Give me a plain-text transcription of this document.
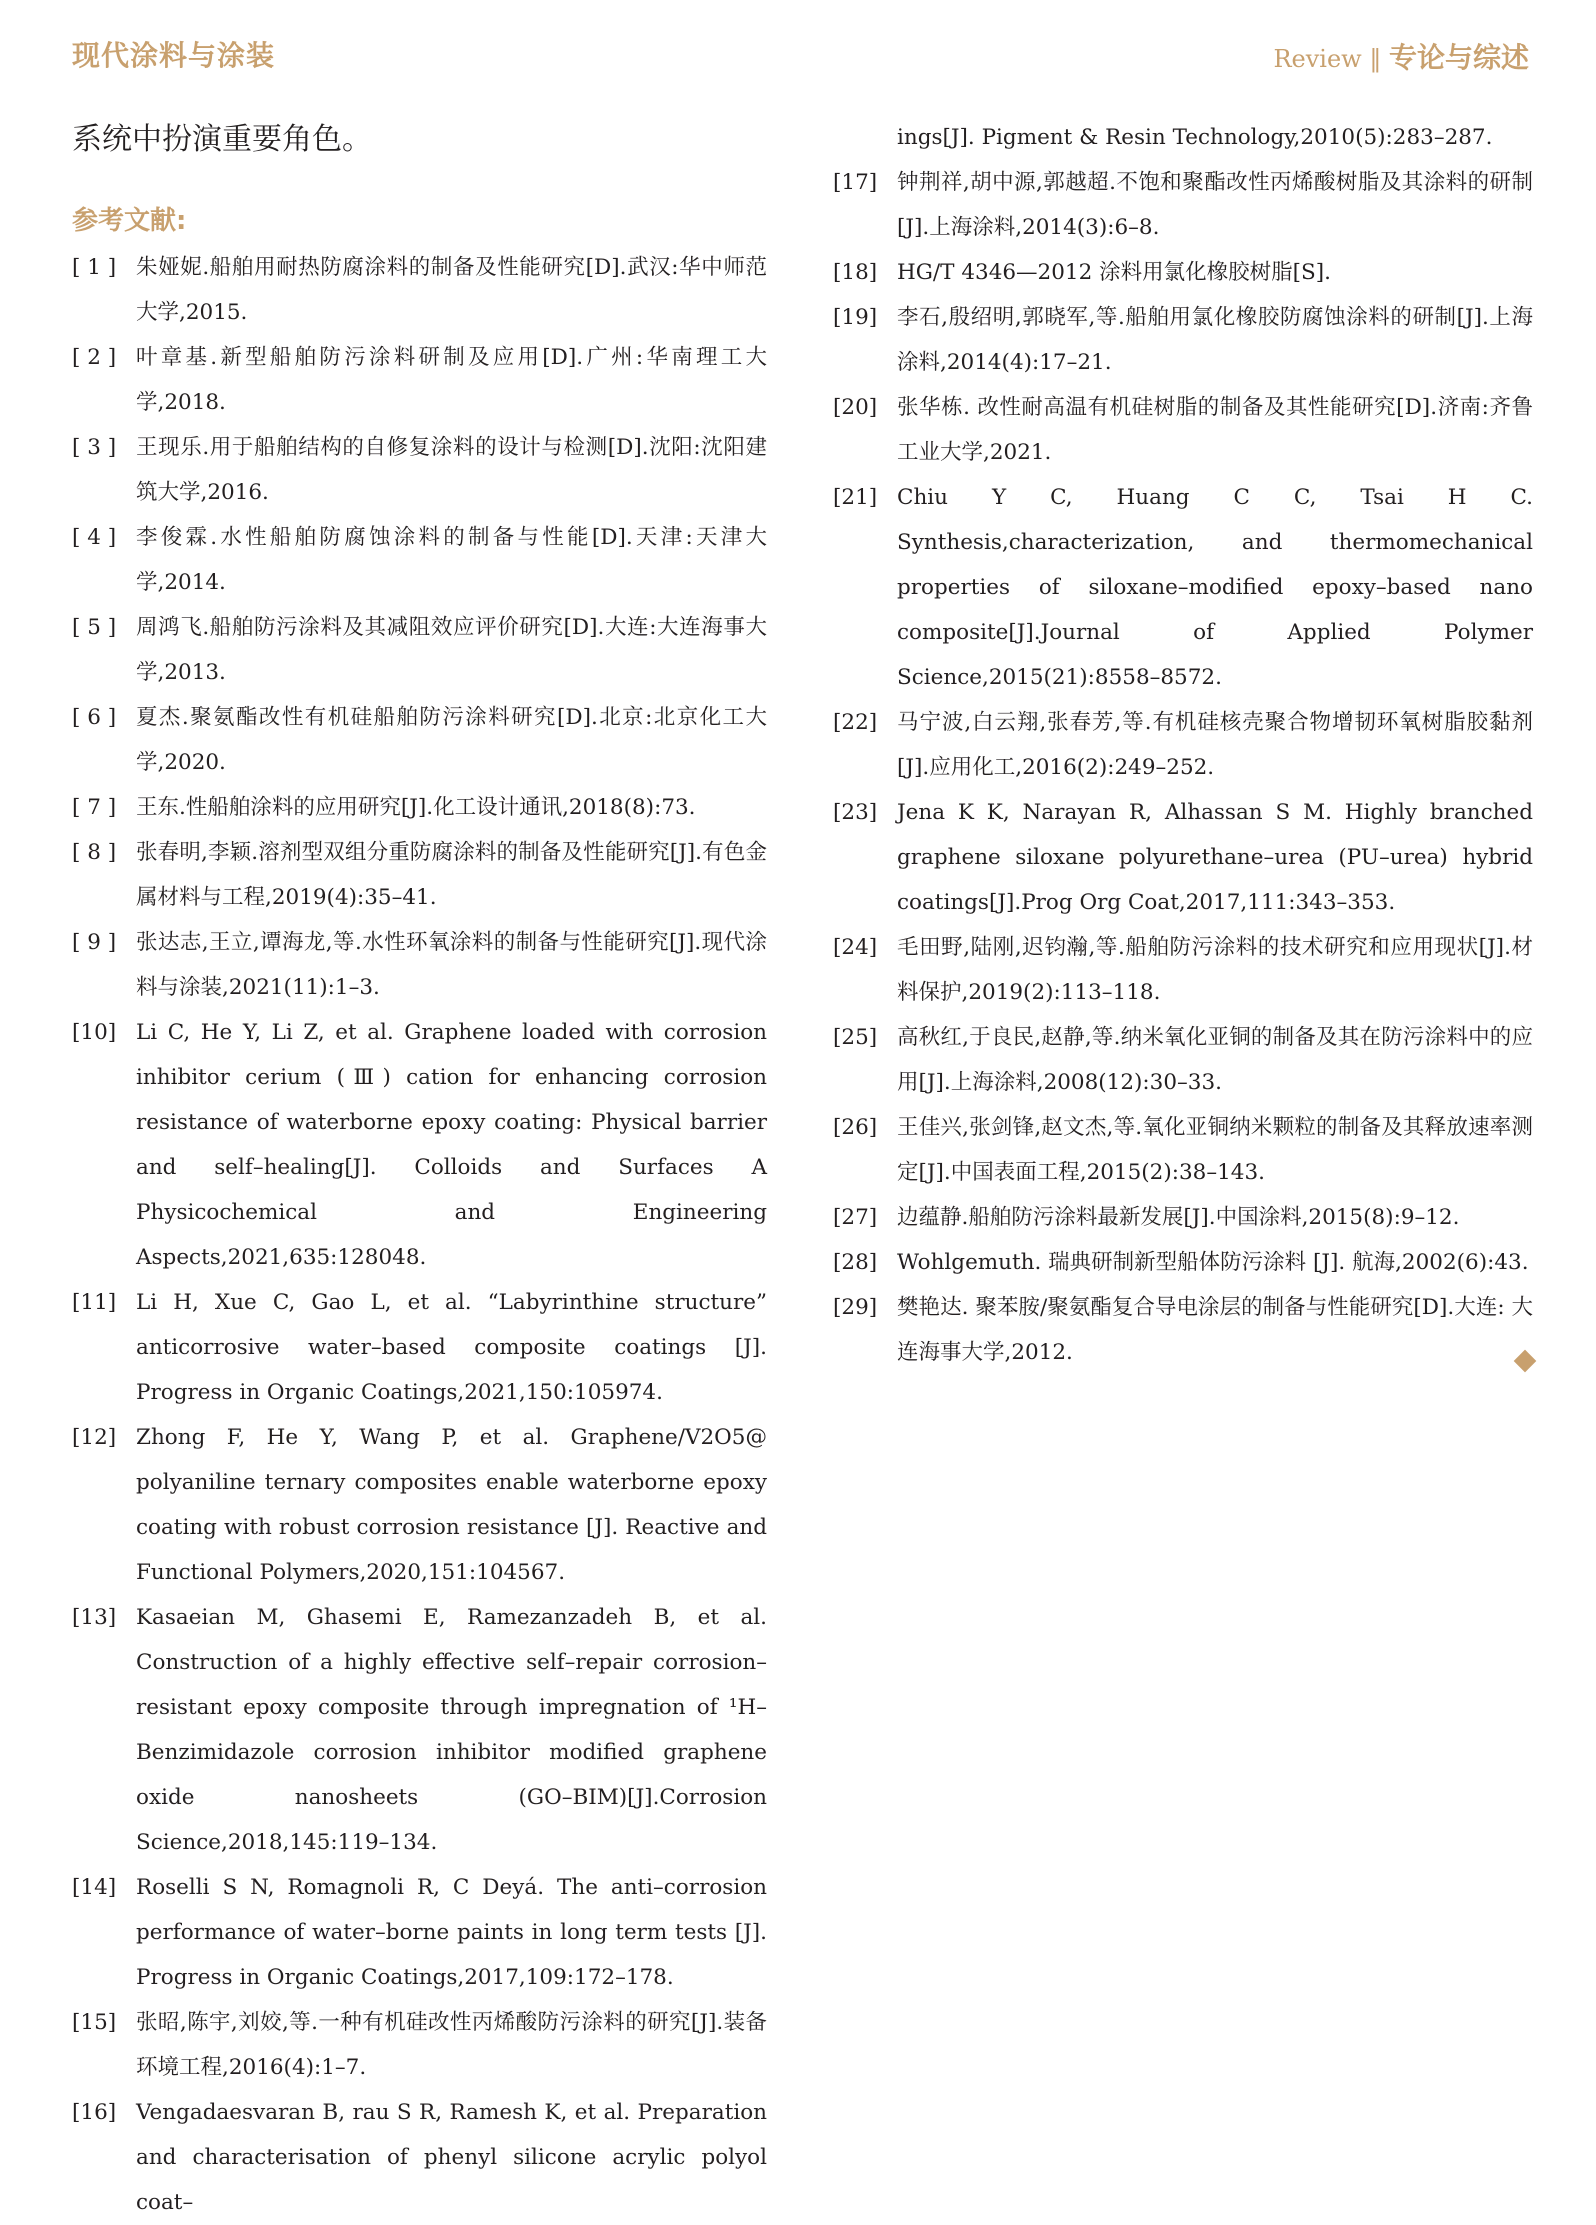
现代涂料与涂装	Review ‖ 专论与综述

系统中扮演重要角色。

参考文献:
[ 1 ] 朱娅妮.船舶用耐热防腐涂料的制备及性能研究[D].武汉:华中师范大学,2015.
[ 2 ] 叶章基.新型船舶防污涂料研制及应用[D].广州:华南理工大学,2018.
[ 3 ] 王现乐.用于船舶结构的自修复涂料的设计与检测[D].沈阳:沈阳建筑大学,2016.
[ 4 ] 李俊霖.水性船舶防腐蚀涂料的制备与性能[D].天津:天津大学,2014.
[ 5 ] 周鸿飞.船舶防污涂料及其减阻效应评价研究[D].大连:大连海事大学,2013.
[ 6 ] 夏杰.聚氨酯改性有机硅船舶防污涂料研究[D].北京:北京化工大学,2020.
[ 7 ] 王东.性船舶涂料的应用研究[J].化工设计通讯,2018(8):73.
[ 8 ] 张春明,李颖.溶剂型双组分重防腐涂料的制备及性能研究[J].有色金属材料与工程,2019(4):35–41.
[ 9 ] 张达志,王立,谭海龙,等.水性环氧涂料的制备与性能研究[J].现代涂料与涂装,2021(11):1–3.
[10] Li C, He Y, Li Z, et al. Graphene loaded with corrosion inhibitor cerium (Ⅲ) cation for enhancing corrosion resistance of waterborne epoxy coating: Physical barrier and self–healing[J]. Colloids and Surfaces A Physicochemical and Engineering Aspects,2021,635:128048.
[11] Li H, Xue C, Gao L, et al. “Labyrinthine structure” anticorrosive water–based composite coatings [J]. Progress in Organic Coatings,2021,150:105974.
[12] Zhong F, He Y, Wang P, et al. Graphene/V2O5@ polyaniline ternary composites enable waterborne epoxy coating with robust corrosion resistance [J]. Reactive and Functional Polymers,2020,151:104567.
[13] Kasaeian M, Ghasemi E, Ramezanzadeh B, et al. Construction of a highly effective self–repair corrosion–resistant epoxy composite through impregnation of ¹H–Benzimidazole corrosion inhibitor modified graphene oxide nanosheets (GO–BIM)[J].Corrosion Science,2018,145:119–134.
[14] Roselli S N, Romagnoli R, C Deyá. The anti–corrosion performance of water–borne paints in long term tests [J]. Progress in Organic Coatings,2017,109:172–178.
[15] 张昭,陈宇,刘姣,等.一种有机硅改性丙烯酸防污涂料的研究[J].装备环境工程,2016(4):1–7.
[16] Vengadaesvaran B, rau S R, Ramesh K, et al. Preparation and characterisation of phenyl silicone acrylic polyol coat–
ings[J]. Pigment & Resin Technology,2010(5):283–287.
[17] 钟荆祥,胡中源,郭越超.不饱和聚酯改性丙烯酸树脂及其涂料的研制[J].上海涂料,2014(3):6–8.
[18] HG/T 4346—2012 涂料用氯化橡胶树脂[S].
[19] 李石,殷绍明,郭晓军,等.船舶用氯化橡胶防腐蚀涂料的研制[J].上海涂料,2014(4):17–21.
[20] 张华栋. 改性耐高温有机硅树脂的制备及其性能研究[D].济南:齐鲁工业大学,2021.
[21] Chiu Y C, Huang C C, Tsai H C. Synthesis,characterization, and thermomechanical properties of siloxane–modified epoxy–based nano composite[J].Journal of Applied Polymer Science,2015(21):8558–8572.
[22] 马宁波,白云翔,张春芳,等.有机硅核壳聚合物增韧环氧树脂胶黏剂[J].应用化工,2016(2):249–252.
[23] Jena K K, Narayan R, Alhassan S M. Highly branched graphene siloxane polyurethane–urea (PU–urea) hybrid coatings[J].Prog Org Coat,2017,111:343–353.
[24] 毛田野,陆刚,迟钧瀚,等.船舶防污涂料的技术研究和应用现状[J].材料保护,2019(2):113–118.
[25] 高秋红,于良民,赵静,等.纳米氧化亚铜的制备及其在防污涂料中的应用[J].上海涂料,2008(12):30–33.
[26] 王佳兴,张剑锋,赵文杰,等.氧化亚铜纳米颗粒的制备及其释放速率测定[J].中国表面工程,2015(2):38–143.
[27] 边蕴静.船舶防污涂料最新发展[J].中国涂料,2015(8):9–12.
[28] Wohlgemuth. 瑞典研制新型船体防污涂料 [J]. 航海,2002(6):43.
[29] 樊艳达. 聚苯胺/聚氨酯复合导电涂层的制备与性能研究[D].大连: 大连海事大学,2012.
